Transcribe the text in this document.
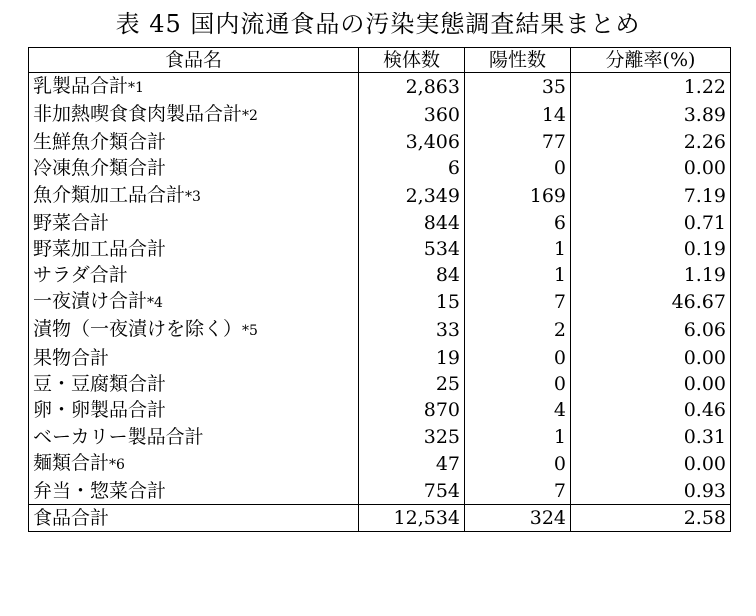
表 45 国内流通食品の汚染実態調査結果まとめ
食品名	検体数	陽性数	分離率(%)
乳製品合計*1	2,863	35	1.22
非加熱喫食食肉製品合計*2	360	14	3.89
生鮮魚介類合計	3,406	77	2.26
冷凍魚介類合計	6	0	0.00
魚介類加工品合計*3	2,349	169	7.19
野菜合計	844	6	0.71
野菜加工品合計	534	1	0.19
サラダ合計	84	1	1.19
一夜漬け合計*4	15	7	46.67
漬物（一夜漬けを除く）*5	33	2	6.06
果物合計	19	0	0.00
豆・豆腐類合計	25	0	0.00
卵・卵製品合計	870	4	0.46
ベーカリー製品合計	325	1	0.31
麺類合計*6	47	0	0.00
弁当・惣菜合計	754	7	0.93
食品合計	12,534	324	2.58
